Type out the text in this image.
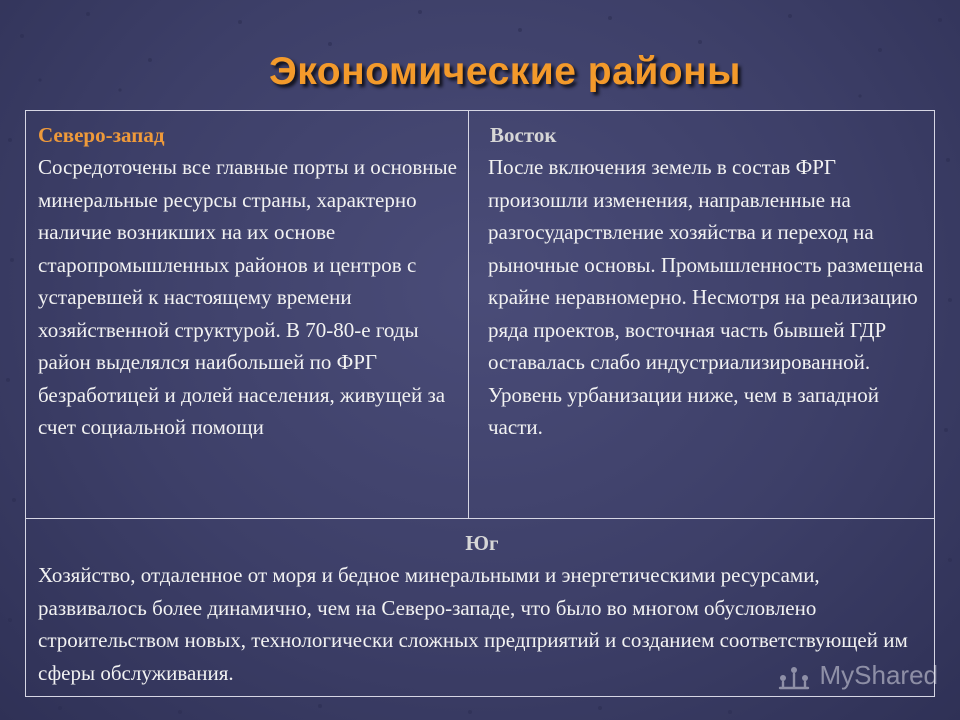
Экономические районы
Северо-запад
Сосредоточены все главные порты и основные минеральные ресурсы страны, характерно наличие возникших на их основе старопромышленных районов и центров с устаревшей к настоящему времени хозяйственной структурой. В 70-80-е годы район выделялся наибольшей по ФРГ безработицей и долей населения, живущей за счет социальной помощи
Восток
После включения земель в состав ФРГ произошли изменения, направленные на разгосударствление хозяйства и переход на рыночные основы. Промышленность размещена крайне неравномерно. Несмотря на реализацию ряда проектов, восточная часть бывшей ГДР оставалась слабо индустриализированной. Уровень урбанизации ниже, чем в западной части.
Юг
Хозяйство, отдаленное от моря и бедное минеральными и энергетическими ресурсами, развивалось более динамично, чем на Северо-западе, что было во многом обусловлено строительством новых, технологически сложных предприятий и созданием соответствующей им сферы обслуживания.	MyShared
